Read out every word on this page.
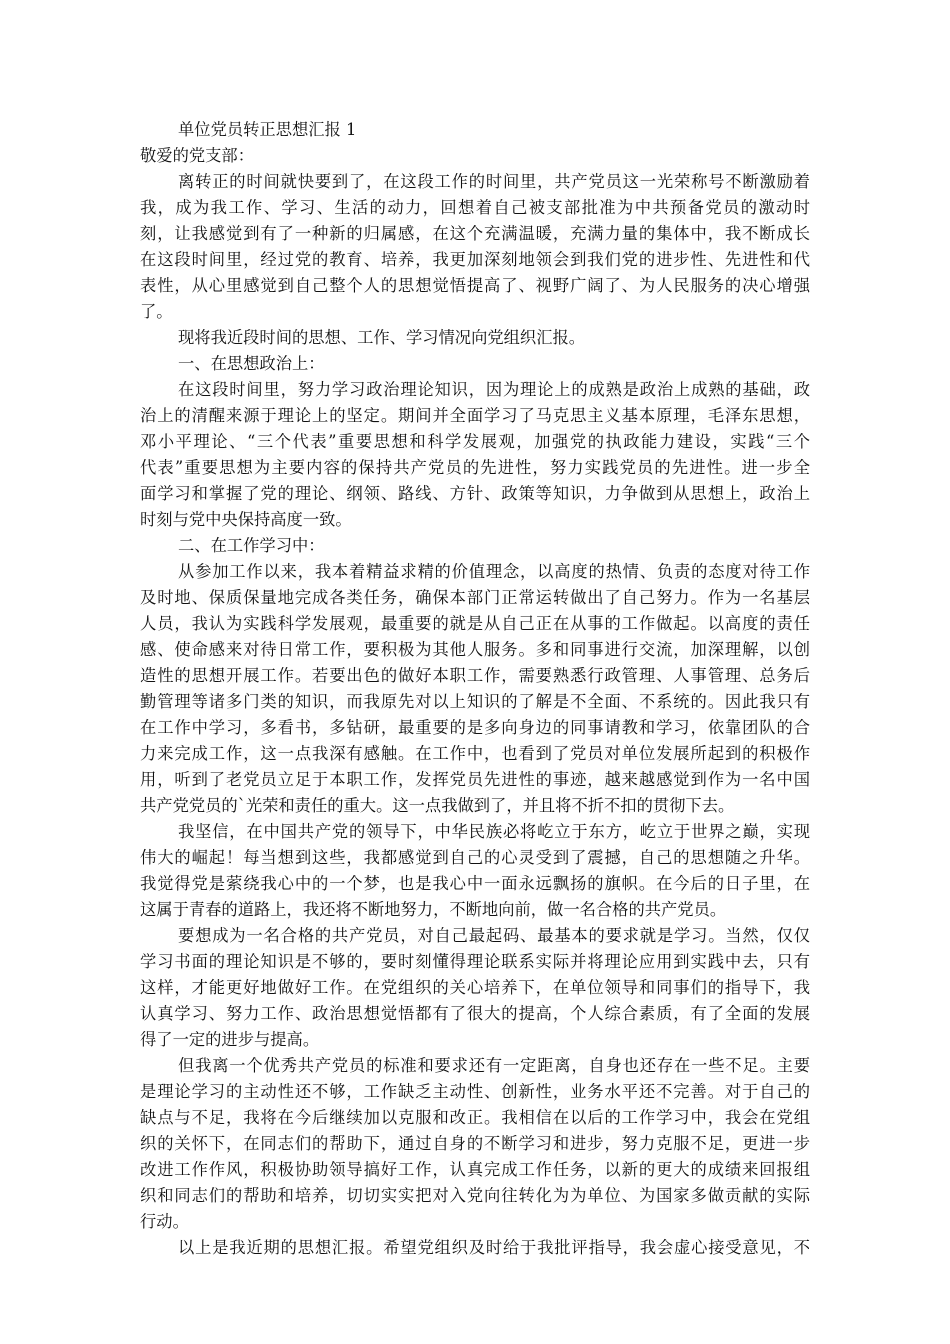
单位党员转正思想汇报 1
敬爱的党支部：
离转正的时间就快要到了，在这段工作的时间里，共产党员这一光荣称号不断激励着
我，成为我工作、学习、生活的动力，回想着自己被支部批准为中共预备党员的激动时
刻，让我感觉到有了一种新的归属感，在这个充满温暖，充满力量的集体中，我不断成长
在这段时间里，经过党的教育、培养，我更加深刻地领会到我们党的进步性、先进性和代
表性，从心里感觉到自己整个人的思想觉悟提高了、视野广阔了、为人民服务的决心增强
了。
现将我近段时间的思想、工作、学习情况向党组织汇报。
一、在思想政治上：
在这段时间里，努力学习政治理论知识，因为理论上的成熟是政治上成熟的基础，政
治上的清醒来源于理论上的坚定。期间并全面学习了马克思主义基本原理，毛泽东思想，
邓小平理论、“三个代表”重要思想和科学发展观，加强党的执政能力建设，实践“三个
代表”重要思想为主要内容的保持共产党员的先进性，努力实践党员的先进性。进一步全
面学习和掌握了党的理论、纲领、路线、方针、政策等知识，力争做到从思想上，政治上
时刻与党中央保持高度一致。
二、在工作学习中：
从参加工作以来，我本着精益求精的价值理念，以高度的热情、负责的态度对待工作
及时地、保质保量地完成各类任务，确保本部门正常运转做出了自己努力。作为一名基层
人员，我认为实践科学发展观，最重要的就是从自己正在从事的工作做起。以高度的责任
感、使命感来对待日常工作，要积极为其他人服务。多和同事进行交流，加深理解，以创
造性的思想开展工作。若要出色的做好本职工作，需要熟悉行政管理、人事管理、总务后
勤管理等诸多门类的知识，而我原先对以上知识的了解是不全面、不系统的。因此我只有
在工作中学习，多看书，多钻研，最重要的是多向身边的同事请教和学习，依靠团队的合
力来完成工作，这一点我深有感触。在工作中，也看到了党员对单位发展所起到的积极作
用，听到了老党员立足于本职工作，发挥党员先进性的事迹，越来越感觉到作为一名中国
共产党党员的`光荣和责任的重大。这一点我做到了，并且将不折不扣的贯彻下去。
我坚信，在中国共产党的领导下，中华民族必将屹立于东方，屹立于世界之巅，实现
伟大的崛起！每当想到这些，我都感觉到自己的心灵受到了震撼，自己的思想随之升华。
我觉得党是萦绕我心中的一个梦，也是我心中一面永远飘扬的旗帜。在今后的日子里，在
这属于青春的道路上，我还将不断地努力，不断地向前，做一名合格的共产党员。
要想成为一名合格的共产党员，对自己最起码、最基本的要求就是学习。当然，仅仅
学习书面的理论知识是不够的，要时刻懂得理论联系实际并将理论应用到实践中去，只有
这样，才能更好地做好工作。在党组织的关心培养下，在单位领导和同事们的指导下，我
认真学习、努力工作、政治思想觉悟都有了很大的提高，个人综合素质，有了全面的发展
得了一定的进步与提高。
但我离一个优秀共产党员的标准和要求还有一定距离，自身也还存在一些不足。主要
是理论学习的主动性还不够，工作缺乏主动性、创新性，业务水平还不完善。对于自己的
缺点与不足，我将在今后继续加以克服和改正。我相信在以后的工作学习中，我会在党组
织的关怀下，在同志们的帮助下，通过自身的不断学习和进步，努力克服不足，更进一步
改进工作作风，积极协助领导搞好工作，认真完成工作任务，以新的更大的成绩来回报组
织和同志们的帮助和培养，切切实实把对入党向往转化为为单位、为国家多做贡献的实际
行动。
以上是我近期的思想汇报。希望党组织及时给于我批评指导，我会虚心接受意见，不
